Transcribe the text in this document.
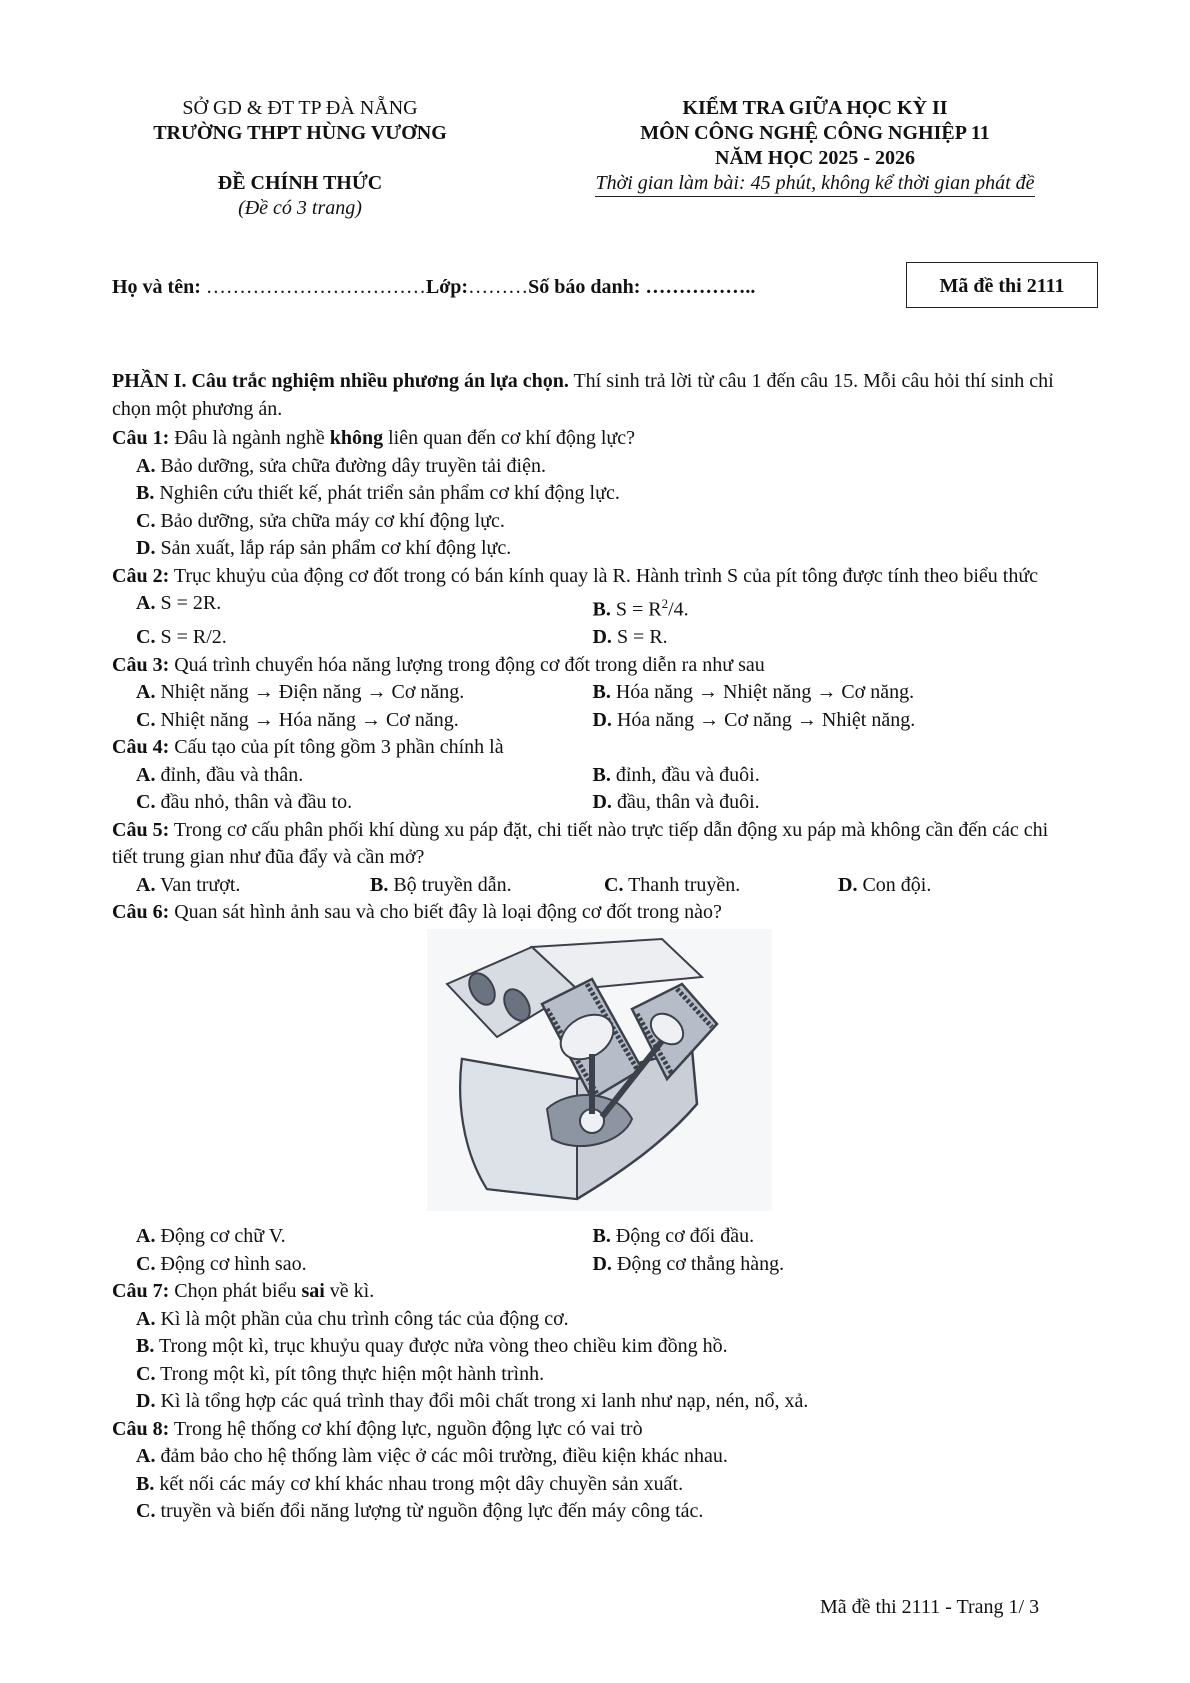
SỞ GD & ĐT TP ĐÀ NẴNG
TRƯỜNG THPT HÙNG VƯƠNG
ĐỀ CHÍNH THỨC
(Đề có 3 trang)
KIỂM TRA GIỮA HỌC KỲ II
MÔN CÔNG NGHỆ CÔNG NGHIỆP 11
NĂM HỌC 2025 - 2026
Thời gian làm bài: 45 phút, không kể thời gian phát đề
Họ và tên: ……………………………Lớp:………Số báo danh: ……………..	Mã đề thi 2111

PHẦN I. Câu trắc nghiệm nhiều phương án lựa chọn. Thí sinh trả lời từ câu 1 đến câu 15. Mỗi câu hỏi thí sinh chỉ chọn một phương án.

Câu 1: Đâu là ngành nghề không liên quan đến cơ khí động lực?
A. Bảo dưỡng, sửa chữa đường dây truyền tải điện.
B. Nghiên cứu thiết kế, phát triển sản phẩm cơ khí động lực.
C. Bảo dưỡng, sửa chữa máy cơ khí động lực.
D. Sản xuất, lắp ráp sản phẩm cơ khí động lực.
Câu 2: Trục khuỷu của động cơ đốt trong có bán kính quay là R. Hành trình S của pít tông được tính theo biểu thức
A. S = 2R.	B. $S = R^2/4$.
C. S = R/2.	D. S = R.
Câu 3: Quá trình chuyển hóa năng lượng trong động cơ đốt trong diễn ra như sau
A. Nhiệt năng → Điện năng → Cơ năng.	B. Hóa năng → Nhiệt năng → Cơ năng.
C. Nhiệt năng → Hóa năng → Cơ năng.	D. Hóa năng → Cơ năng → Nhiệt năng.
Câu 4: Cấu tạo của pít tông gồm 3 phần chính là
A. đỉnh, đầu và thân.	B. đỉnh, đầu và đuôi.
C. đầu nhỏ, thân và đầu to.	D. đầu, thân và đuôi.
Câu 5: Trong cơ cấu phân phối khí dùng xu páp đặt, chi tiết nào trực tiếp dẫn động xu páp mà không cần đến các chi tiết trung gian như đũa đẩy và cần mở?
A. Van trượt.	B. Bộ truyền dẫn.	C. Thanh truyền.	D. Con đội.
Câu 6: Quan sát hình ảnh sau và cho biết đây là loại động cơ đốt trong nào?
A. Động cơ chữ V.	B. Động cơ đối đầu.
C. Động cơ hình sao.	D. Động cơ thẳng hàng.
Câu 7: Chọn phát biểu sai về kì.
A. Kì là một phần của chu trình công tác của động cơ.
B. Trong một kì, trục khuỷu quay được nửa vòng theo chiều kim đồng hồ.
C. Trong một kì, pít tông thực hiện một hành trình.
D. Kì là tổng hợp các quá trình thay đổi môi chất trong xi lanh như nạp, nén, nổ, xả.
Câu 8: Trong hệ thống cơ khí động lực, nguồn động lực có vai trò
A. đảm bảo cho hệ thống làm việc ở các môi trường, điều kiện khác nhau.
B. kết nối các máy cơ khí khác nhau trong một dây chuyền sản xuất.
C. truyền và biến đổi năng lượng từ nguồn động lực đến máy công tác.
Mã đề thi 2111 - Trang 1/ 3
